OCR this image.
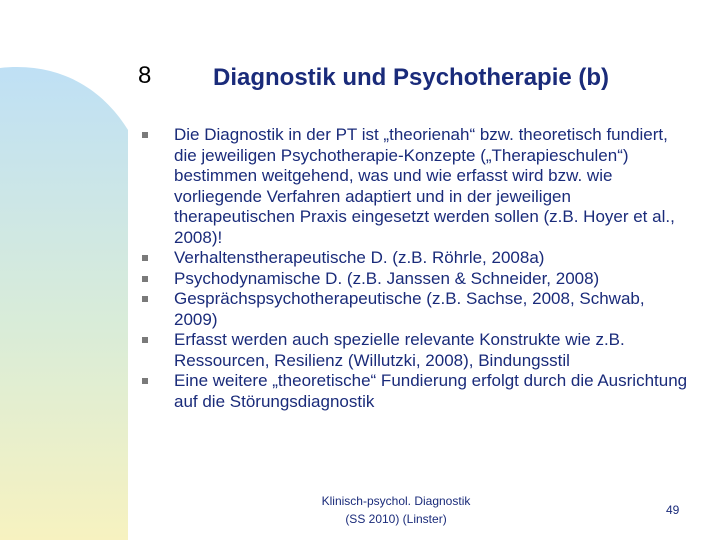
8	Diagnostik und Psychotherapie (b)
Die Diagnostik in der PT ist „theorienah“ bzw. theoretisch fundiert, die jeweiligen Psychotherapie-Konzepte („Therapieschulen“) bestimmen weitgehend, was und wie erfasst wird bzw. wie vorliegende Verfahren adaptiert und in der jeweiligen therapeutischen Praxis eingesetzt werden sollen (z.B. Hoyer et al., 2008)!
Verhaltenstherapeutische D. (z.B. Röhrle, 2008a)
Psychodynamische D. (z.B. Janssen & Schneider, 2008)
Gesprächspsychotherapeutische (z.B. Sachse, 2008, Schwab, 2009)
Erfasst werden auch spezielle relevante Konstrukte wie z.B. Ressourcen, Resilienz (Willutzki, 2008), Bindungsstil
Eine weitere „theoretische“ Fundierung erfolgt durch die Ausrichtung auf die Störungsdiagnostik
Klinisch-psychol. Diagnostik
(SS 2010) (Linster)
49
